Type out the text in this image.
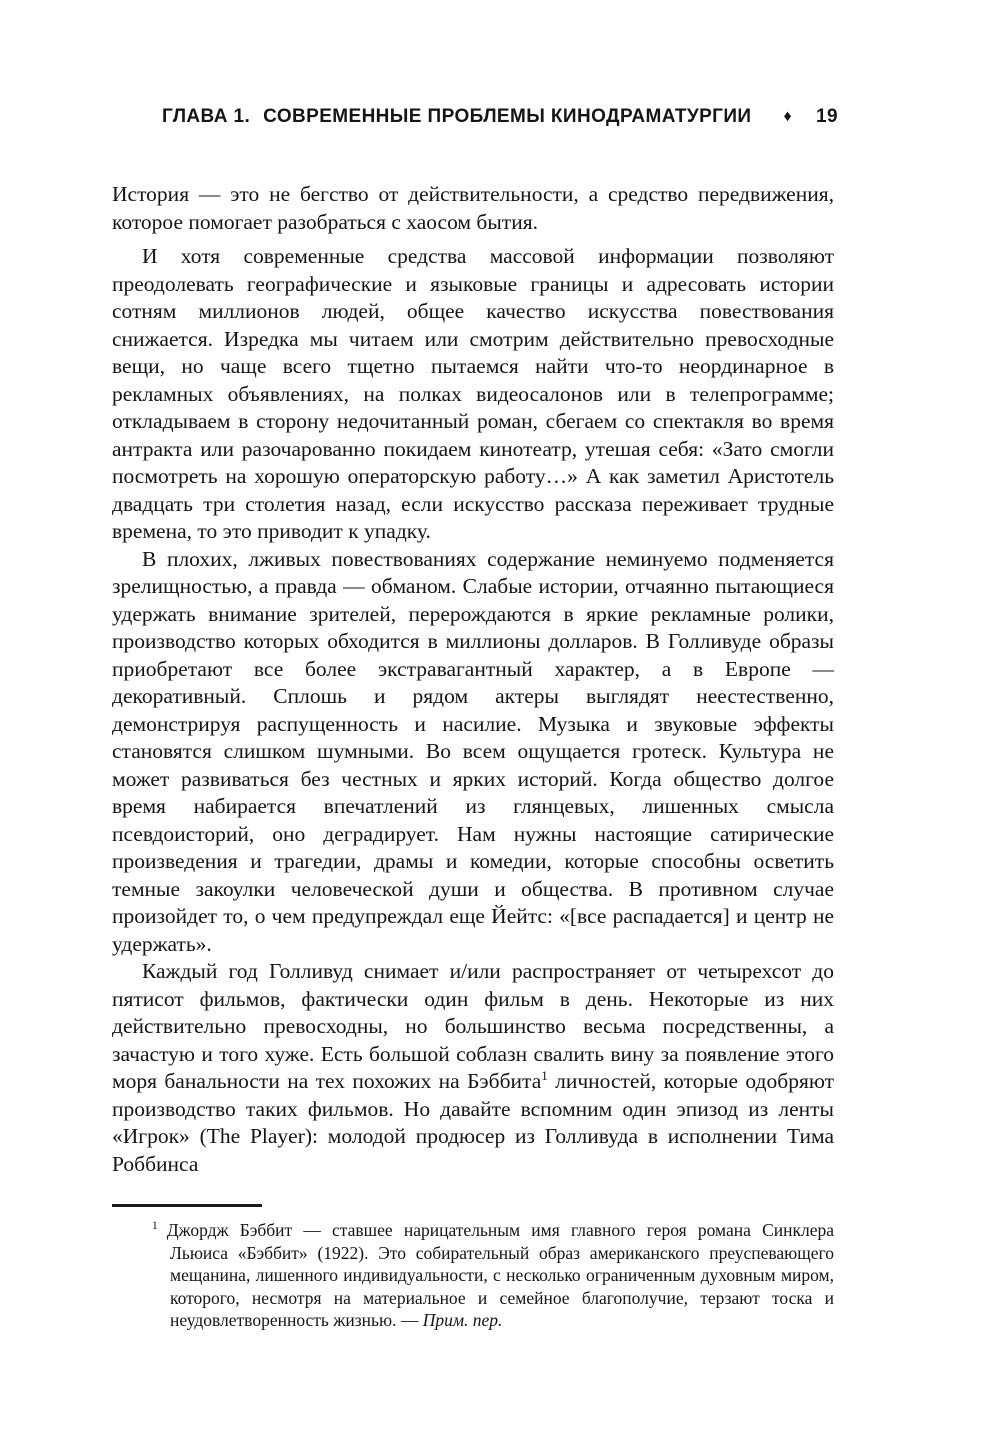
ГЛАВА 1. СОВРЕМЕННЫЕ ПРОБЛЕМЫ КИНОДРАМАТУРГИИ ♦ 19

История — это не бегство от действительности, а средство передвижения, которое помогает разобраться с хаосом бытия.

И хотя современные средства массовой информации позволяют преодолевать географические и языковые границы и адресовать истории сотням миллионов людей, общее качество искусства повествования снижается. Изредка мы читаем или смотрим действительно превосходные вещи, но чаще всего тщетно пытаемся найти что-то неординарное в рекламных объявлениях, на полках видеосалонов или в телепрограмме; откладываем в сторону недочитанный роман, сбегаем со спектакля во время антракта или разочарованно покидаем кинотеатр, утешая себя: «Зато смогли посмотреть на хорошую операторскую работу…» А как заметил Аристотель двадцать три столетия назад, если искусство рассказа переживает трудные времена, то это приводит к упадку.

В плохих, лживых повествованиях содержание неминуемо подменяется зрелищностью, а правда — обманом. Слабые истории, отчаянно пытающиеся удержать внимание зрителей, перерождаются в яркие рекламные ролики, производство которых обходится в миллионы долларов. В Голливуде образы приобретают все более экстравагантный характер, а в Европе — декоративный. Сплошь и рядом актеры выглядят неестественно, демонстрируя распущенность и насилие. Музыка и звуковые эффекты становятся слишком шумными. Во всем ощущается гротеск. Культура не может развиваться без честных и ярких историй. Когда общество долгое время набирается впечатлений из глянцевых, лишенных смысла псевдоисторий, оно деградирует. Нам нужны настоящие сатирические произведения и трагедии, драмы и комедии, которые способны осветить темные закоулки человеческой души и общества. В противном случае произойдет то, о чем предупреждал еще Йейтс: «[все распадается] и центр не удержать».

Каждый год Голливуд снимает и/или распространяет от четырехсот до пятисот фильмов, фактически один фильм в день. Некоторые из них действительно превосходны, но большинство весьма посредственны, а зачастую и того хуже. Есть большой соблазн свалить вину за появление этого моря банальности на тех похожих на Бэббита$^1$ личностей, которые одобряют производство таких фильмов. Но давайте вспомним один эпизод из ленты «Игрок» (The Player): молодой продюсер из Голливуда в исполнении Тима Роббинса

$^1$ Джордж Бэббит — ставшее нарицательным имя главного героя романа Синклера Льюиса «Бэббит» (1922). Это собирательный образ американского преуспевающего мещанина, лишенного индивидуальности, с несколько ограниченным духовным миром, которого, несмотря на материальное и семейное благополучие, терзают тоска и неудовлетворенность жизнью. — Прим. пер.
